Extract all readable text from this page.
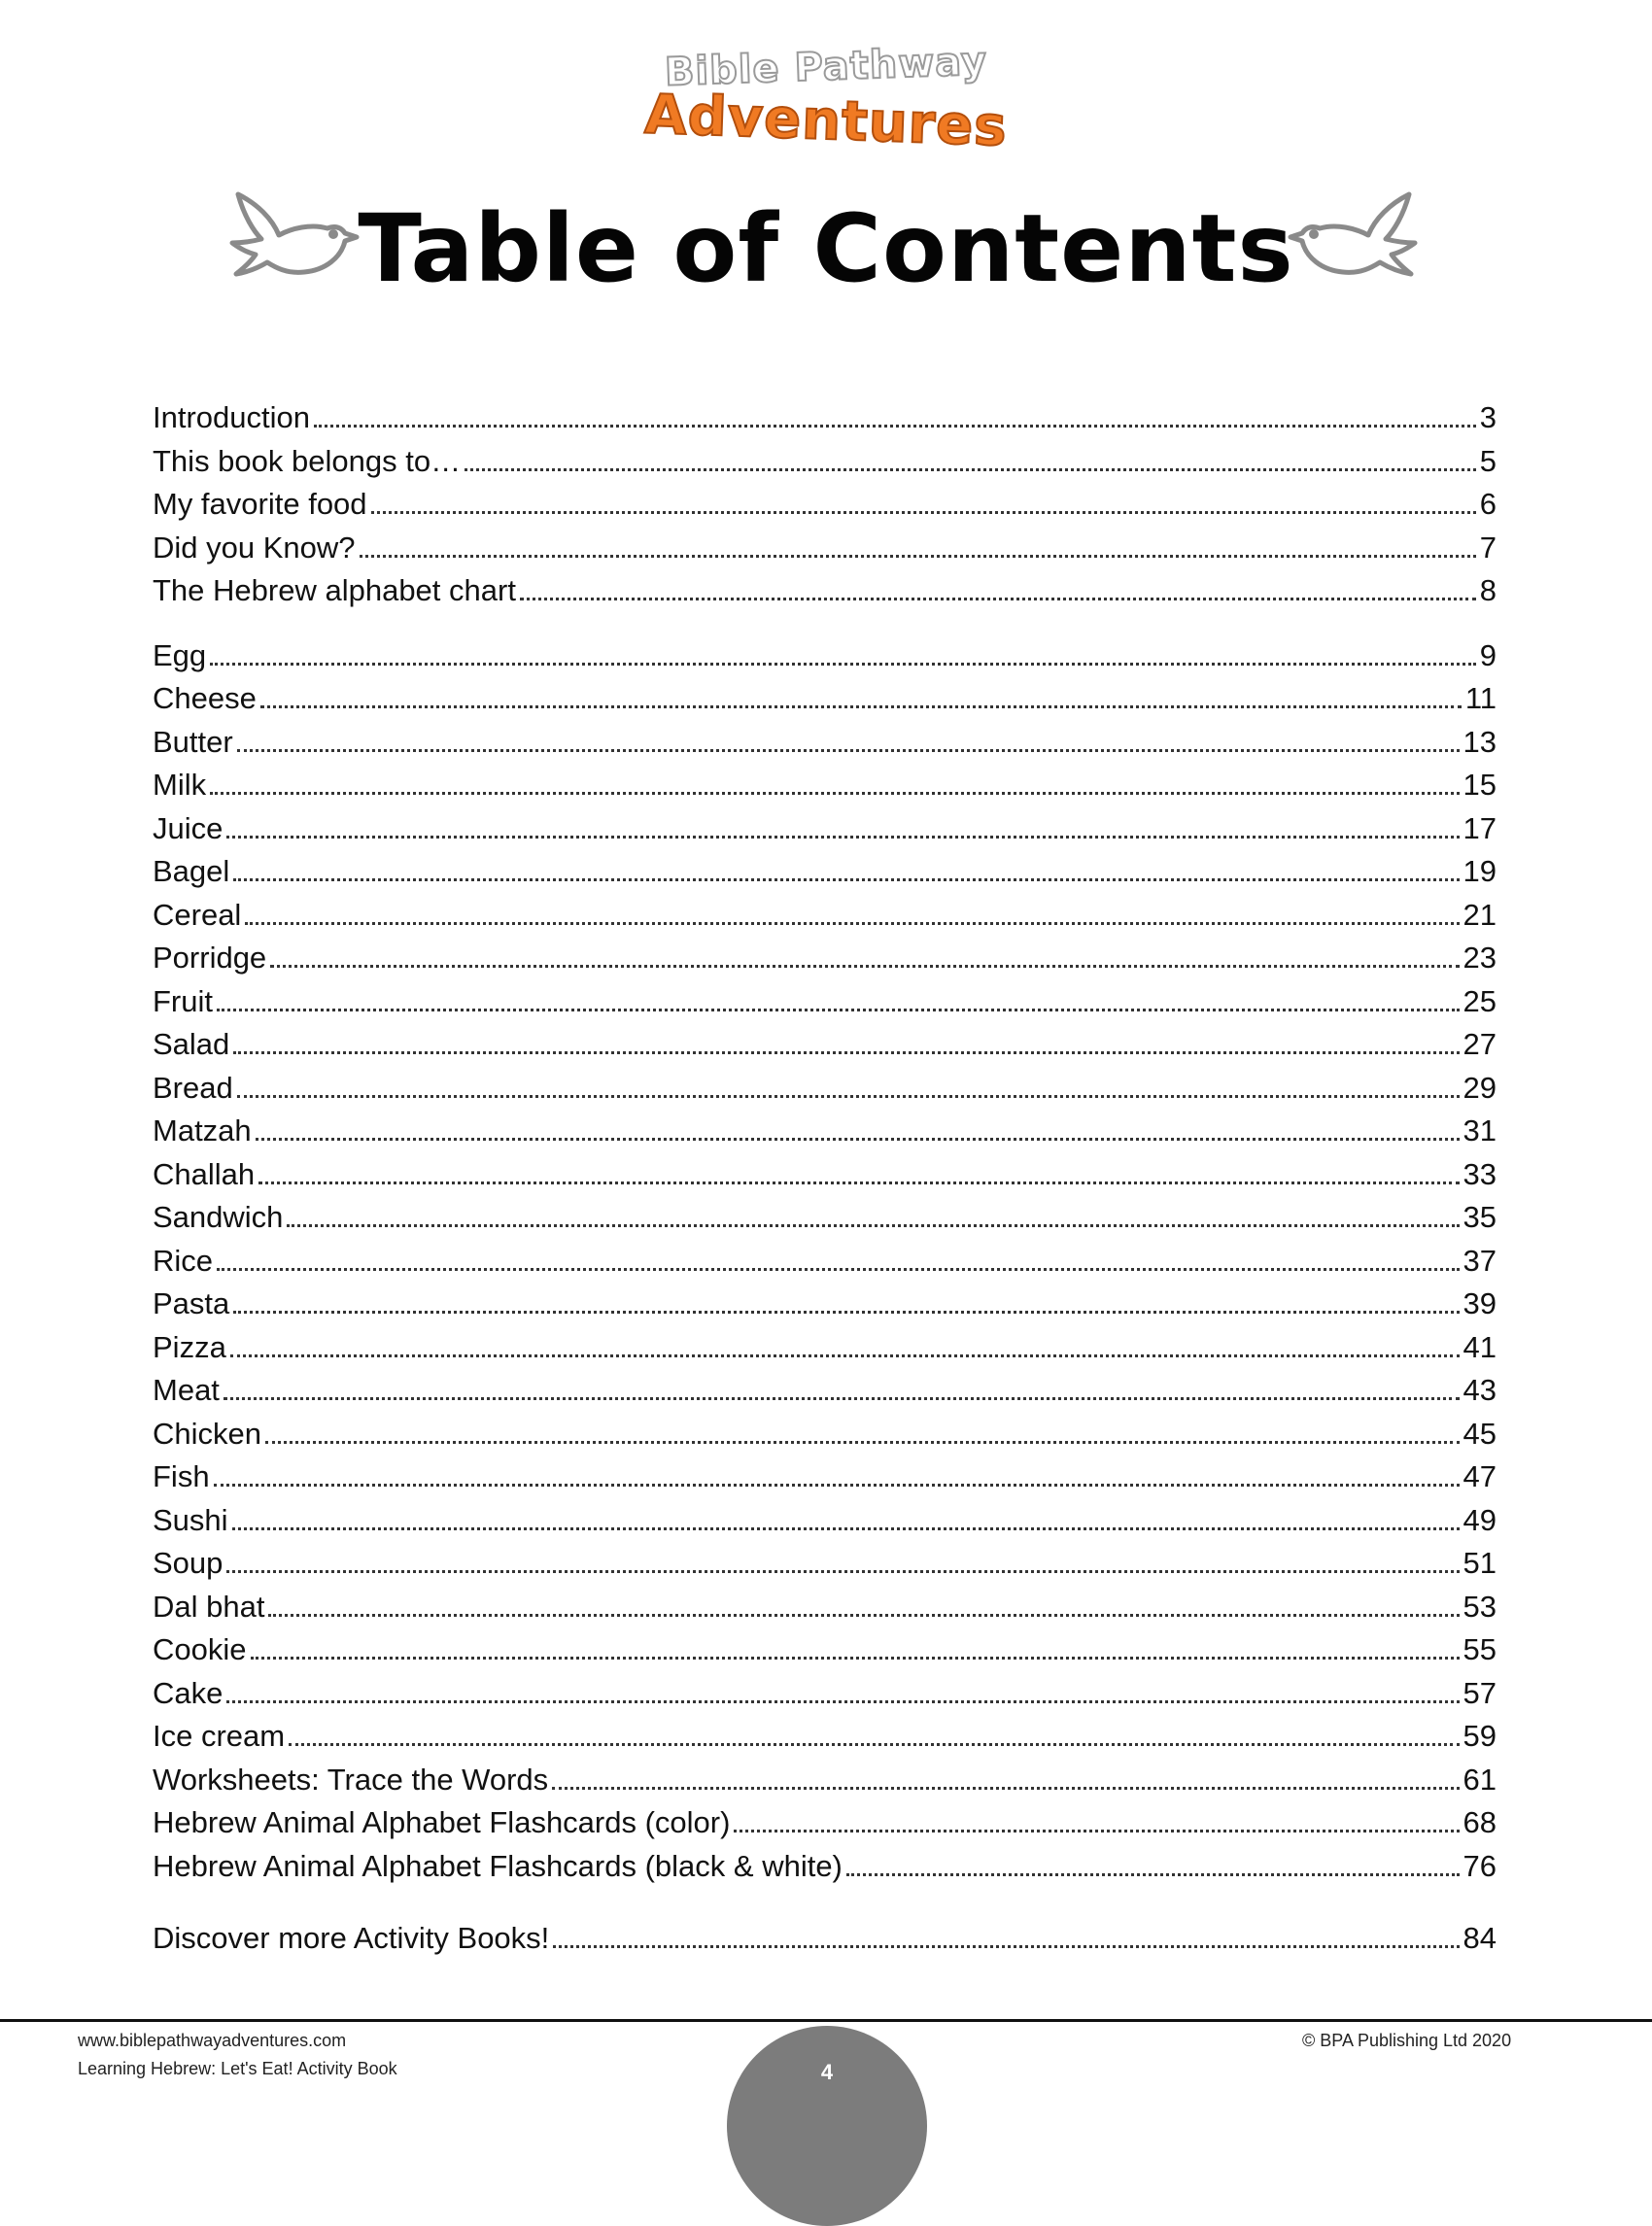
Bible Pathway
Adventures
Table of Contents
Introduction	3
This book belongs to…	5
My favorite food	6
Did you Know?	7
The Hebrew alphabet chart	8
Egg	9
Cheese	11
Butter	13
Milk	15
Juice	17
Bagel	19
Cereal	21
Porridge	23
Fruit	25
Salad	27
Bread	29
Matzah	31
Challah	33
Sandwich	35
Rice	37
Pasta	39
Pizza	41
Meat	43
Chicken	45
Fish	47
Sushi	49
Soup	51
Dal bhat	53
Cookie	55
Cake	57
Ice cream	59
Worksheets: Trace the Words	61
Hebrew Animal Alphabet Flashcards (color)	68
Hebrew Animal Alphabet Flashcards (black & white)	76
Discover more Activity Books!	84
www.biblepathwayadventures.com
Learning Hebrew: Let's Eat! Activity Book
© BPA Publishing Ltd 2020
4
